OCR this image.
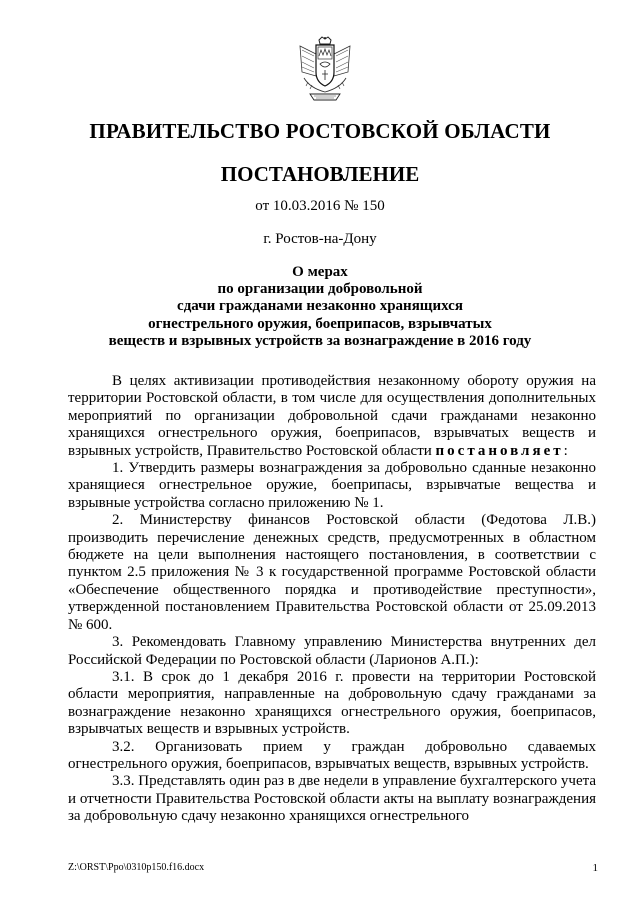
ПРАВИТЕЛЬСТВО РОСТОВСКОЙ ОБЛАСТИ
ПОСТАНОВЛЕНИЕ
от 10.03.2016 № 150
г. Ростов-на-Дону
О мерах
по организации добровольной
сдачи гражданами незаконно хранящихся
огнестрельного оружия, боеприпасов, взрывчатых
веществ и взрывных устройств за вознаграждение в 2016 году

В целях активизации противодействия незаконному обороту оружия на территории Ростовской области, в том числе для осуществления дополнительных мероприятий по организации добровольной сдачи гражданами незаконно хранящихся огнестрельного оружия, боеприпасов, взрывчатых веществ и взрывных устройств, Правительство Ростовской области постановляет:

1. Утвердить размеры вознаграждения за добровольно сданные незаконно хранящиеся огнестрельное оружие, боеприпасы, взрывчатые вещества и взрывные устройства согласно приложению № 1.

2. Министерству финансов Ростовской области (Федотова Л.В.) производить перечисление денежных средств, предусмотренных в областном бюджете на цели выполнения настоящего постановления, в соответствии с пунктом 2.5 приложения № 3 к государственной программе Ростовской области «Обеспечение общественного порядка и противодействие преступности», утвержденной постановлением Правительства Ростовской области от 25.09.2013 № 600.

3. Рекомендовать Главному управлению Министерства внутренних дел Российской Федерации по Ростовской области (Ларионов А.П.):

3.1. В срок до 1 декабря 2016 г. провести на территории Ростовской области мероприятия, направленные на добровольную сдачу гражданами за вознаграждение незаконно хранящихся огнестрельного оружия, боеприпасов, взрывчатых веществ и взрывных устройств.

3.2. Организовать прием у граждан добровольно сдаваемых огнестрельного оружия, боеприпасов, взрывчатых веществ, взрывных устройств.

3.3. Представлять один раз в две недели в управление бухгалтерского учета и отчетности Правительства Ростовской области акты на выплату вознаграждения за добровольную сдачу незаконно хранящихся огнестрельного

Z:\ORST\Ppo\0310p150.f16.docx	1
